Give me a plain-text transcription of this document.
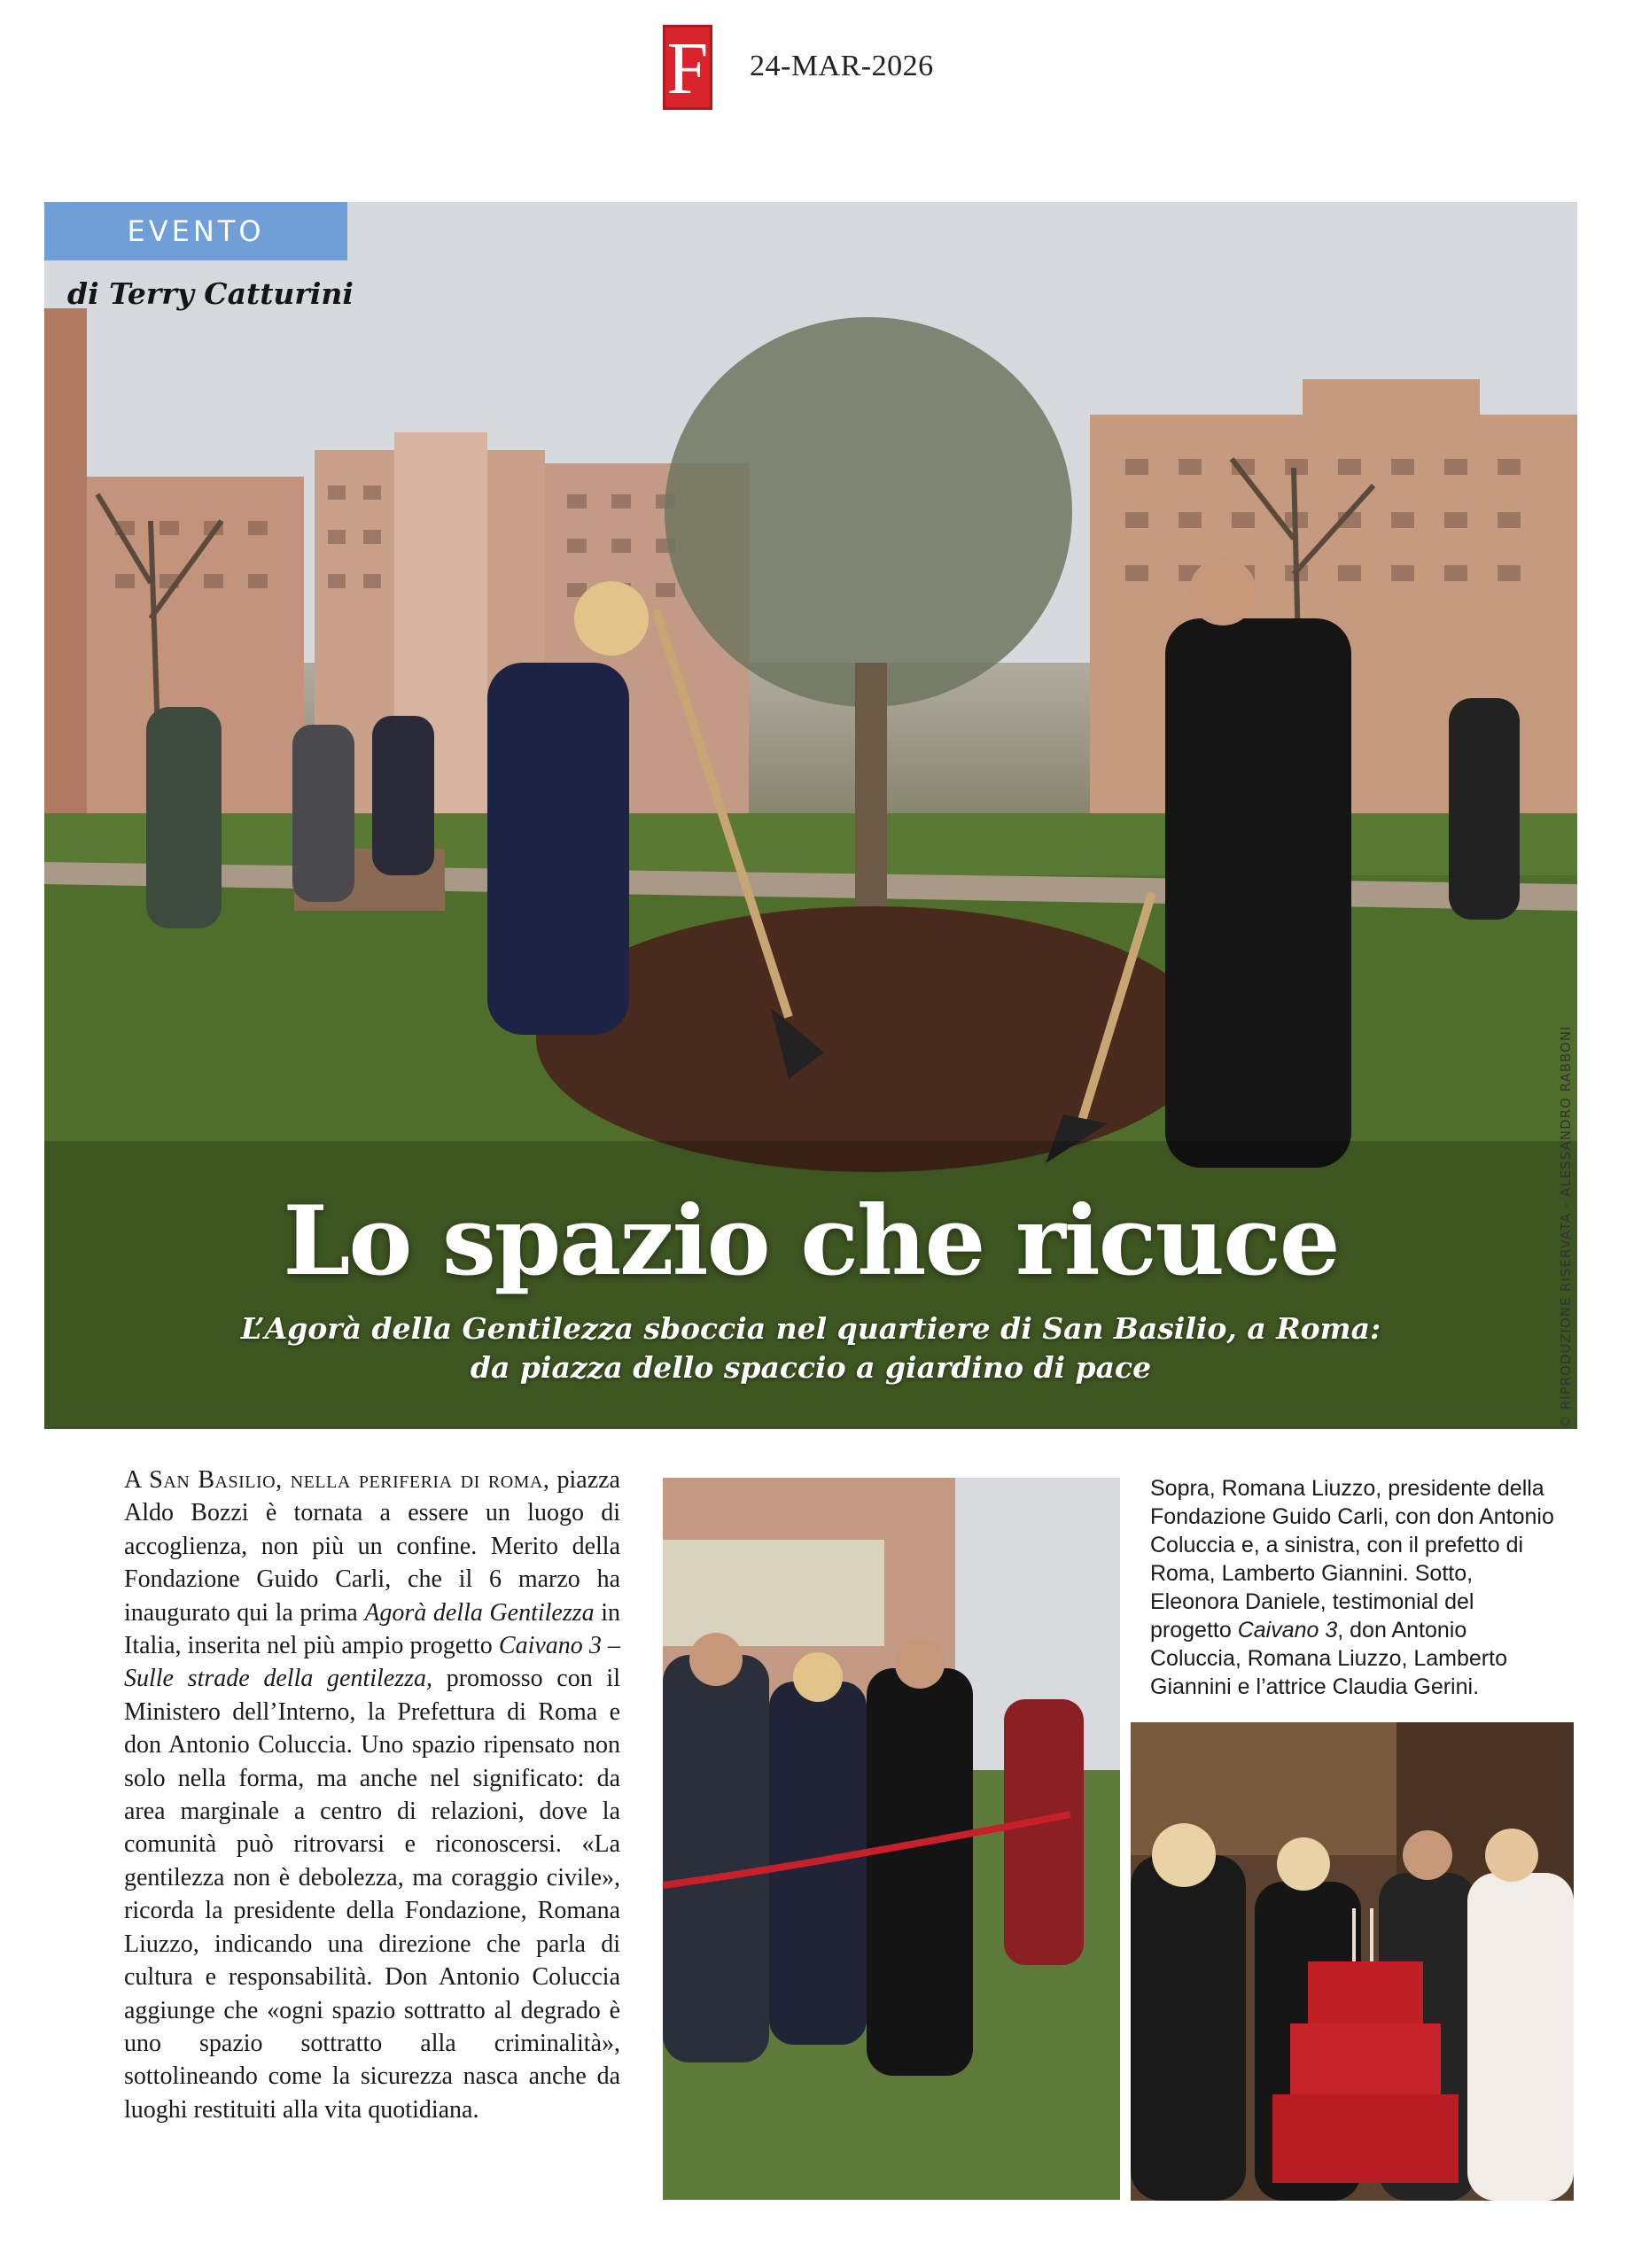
F 24-MAR-2026
EVENTO
di Terry Catturini
Lo spazio che ricuce
L’Agorà della Gentilezza sboccia nel quartiere di San Basilio, a Roma:
da piazza dello spaccio a giardino di pace	© RIPRODUZIONE RISERVATA - ALESSANDRO RABBONI
A San Basilio, nella periferia di roma, piazza Aldo Bozzi è tornata a essere un luogo di accoglienza, non più un confine. Merito della Fondazione Guido Carli, che il 6 marzo ha inaugurato qui la prima Agorà della Gentilezza in Italia, inserita nel più ampio progetto Caivano 3 – Sulle strade della gentilezza, promosso con il Ministero dell’Interno, la Prefettura di Roma e don Antonio Coluccia. Uno spazio ripensato non solo nella forma, ma anche nel significato: da area marginale a centro di relazioni, dove la comunità può ritrovarsi e riconoscersi. «La gentilezza non è debolezza, ma coraggio civile», ricorda la presidente della Fondazione, Romana Liuzzo, indicando una direzione che parla di cultura e responsabilità. Don Antonio Coluccia aggiunge che «ogni spazio sottratto al degrado è uno spazio sottratto alla criminalità», sottolineando come la sicurezza nasca anche da luoghi restituiti alla vita quotidiana.
Sopra, Romana Liuzzo, presidente della Fondazione Guido Carli, con don Antonio Coluccia e, a sinistra, con il prefetto di Roma, Lamberto Giannini. Sotto, Eleonora Daniele, testimonial del progetto Caivano 3, don Antonio Coluccia, Romana Liuzzo, Lamberto Giannini e l’attrice Claudia Gerini.
